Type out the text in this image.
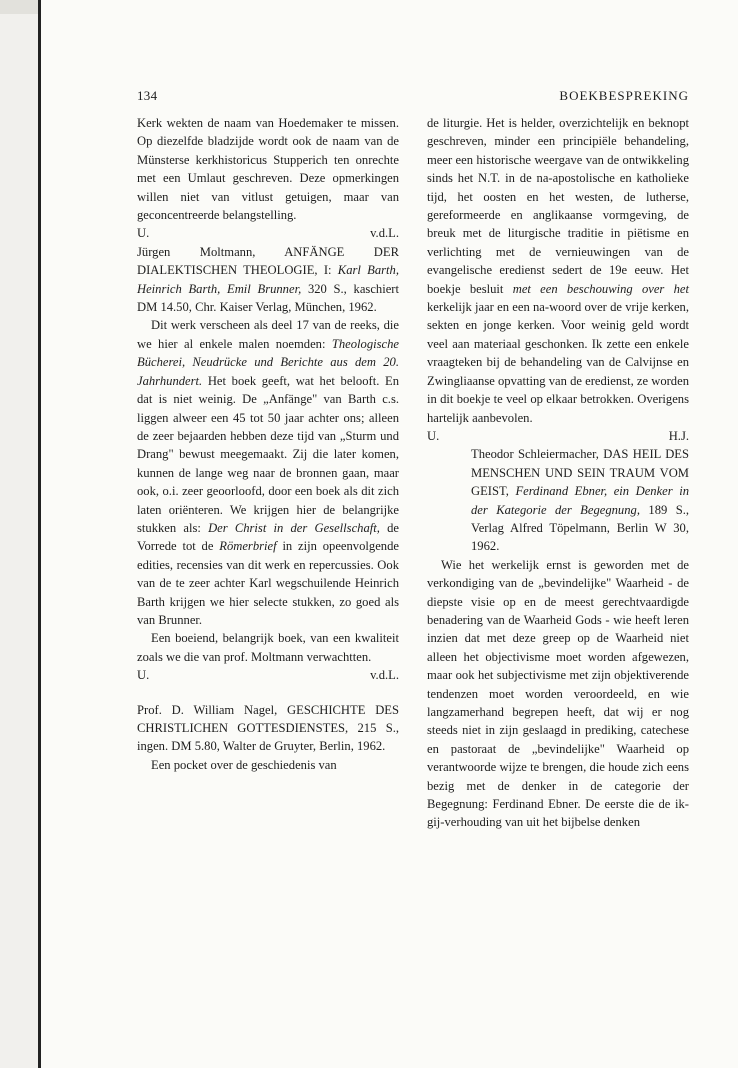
134	BOEKBESPREKING

Kerk wekten de naam van Hoedemaker te missen. Op diezelfde bladzijde wordt ook de naam van de Münsterse kerkhistoricus Stupperich ten onrechte met een Umlaut geschreven. Deze opmerkingen willen niet van vitlust getuigen, maar van geconcentreerde belangstelling.

U.	v.d.L.

Jürgen Moltmann, ANFÄNGE DER DIALEKTISCHEN THEOLOGIE, I: Karl Barth, Heinrich Barth, Emil Brunner, 320 S., kaschiert DM 14.50, Chr. Kaiser Verlag, München, 1962.

Dit werk verscheen als deel 17 van de reeks, die we hier al enkele malen noemden: Theologische Bücherei, Neudrücke und Berichte aus dem 20. Jahrhundert. Het boek geeft, wat het belooft. En dat is niet weinig. De „Anfänge" van Barth c.s. liggen alweer een 45 tot 50 jaar achter ons; alleen de zeer bejaarden hebben deze tijd van „Sturm und Drang" bewust meegemaakt. Zij die later komen, kunnen de lange weg naar de bronnen gaan, maar ook, o.i. zeer geoorloofd, door een boek als dit zich laten oriënteren. We krijgen hier de belangrijke stukken als: Der Christ in der Gesellschaft, de Vorrede tot de Römerbrief in zijn opeenvolgende edities, recensies van dit werk en repercussies. Ook van de te zeer achter Karl wegschuilende Heinrich Barth krijgen we hier selecte stukken, zo goed als van Brunner.

Een boeiend, belangrijk boek, van een kwaliteit zoals we die van prof. Moltmann verwachtten.

U.	v.d.L.

Prof. D. William Nagel, GESCHICHTE DES CHRISTLICHEN GOTTESDIENSTES, 215 S., ingen. DM 5.80, Walter de Gruyter, Berlin, 1962.

Een pocket over de geschiedenis van

de liturgie. Het is helder, overzichtelijk en beknopt geschreven, minder een principiële behandeling, meer een historische weergave van de ontwikkeling sinds het N.T. in de na-apostolische en katholieke tijd, het oosten en het westen, de lutherse, gereformeerde en anglikaanse vormgeving, de breuk met de liturgische traditie in piëtisme en verlichting met de vernieuwingen van de evangelische eredienst sedert de 19e eeuw. Het boekje besluit met een beschouwing over het kerkelijk jaar en een na-woord over de vrije kerken, sekten en jonge kerken. Voor weinig geld wordt veel aan materiaal geschonken. Ik zette een enkele vraagteken bij de behandeling van de Calvijnse en Zwingliaanse opvatting van de eredienst, ze worden in dit boekje te veel op elkaar betrokken. Overigens hartelijk aanbevolen.

U.	H.J.

Theodor Schleiermacher, DAS HEIL DES MENSCHEN UND SEIN TRAUM VOM GEIST, Ferdinand Ebner, ein Denker in der Kategorie der Begegnung, 189 S., Verlag Alfred Töpelmann, Berlin W 30, 1962.

Wie het werkelijk ernst is geworden met de verkondiging van de „bevindelijke" Waarheid - de diepste visie op en de meest gerechtvaardigde benadering van de Waarheid Gods - wie heeft leren inzien dat met deze greep op de Waarheid niet alleen het objectivisme moet worden afgewezen, maar ook het subjectivisme met zijn objektiverende tendenzen moet worden veroordeeld, en wie langzamerhand begrepen heeft, dat wij er nog steeds niet in zijn geslaagd in prediking, catechese en pastoraat de „bevindelijke" Waarheid op verantwoorde wijze te brengen, die houde zich eens bezig met de denker in de categorie der Begegnung: Ferdinand Ebner. De eerste die de ik-gij-verhouding van uit het bijbelse denken
